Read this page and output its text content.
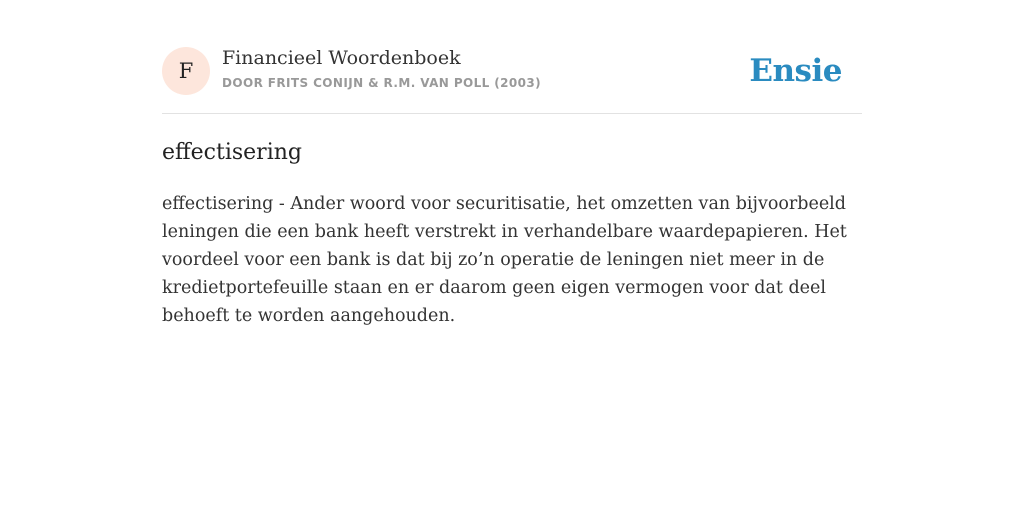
F
Financieel Woordenboek
DOOR FRITS CONIJN & R.M. VAN POLL (2003)	Ensie
effectisering

effectisering - Ander woord voor securitisatie, het omzetten van bijvoorbeeld leningen die een bank heeft verstrekt in verhandelbare waardepapieren. Het voordeel voor een bank is dat bij zo’n operatie de leningen niet meer in de kredietportefeuille staan en er daarom geen eigen vermogen voor dat deel behoeft te worden aangehouden.
